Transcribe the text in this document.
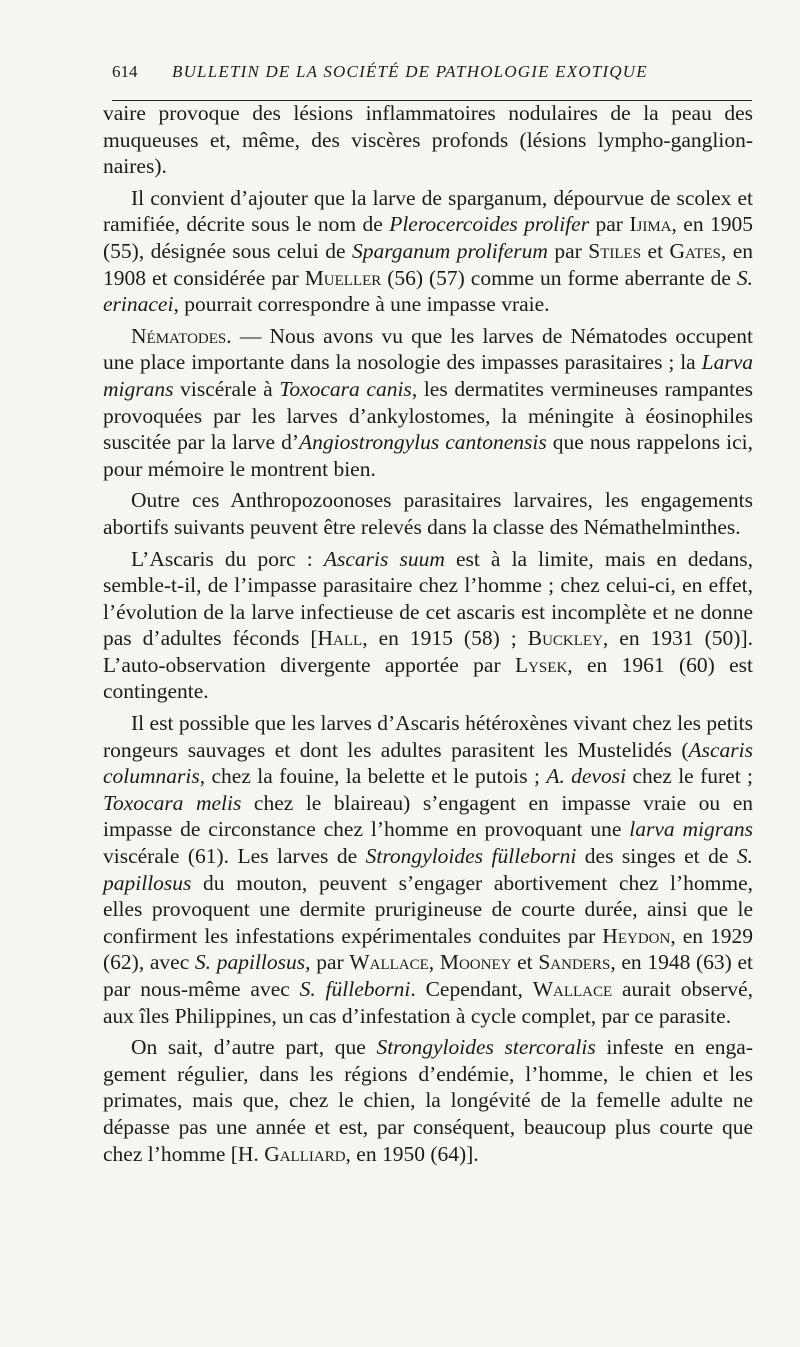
614	BULLETIN DE LA SOCIÉTÉ DE PATHOLOGIE EXOTIQUE

vaire provoque des lésions inflammatoires nodulaires de la peau des muqueuses et, même, des viscères profonds (lésions lympho-ganglionnaires).

Il convient d’ajouter que la larve de sparganum, dépourvue de scolex et ramifiée, décrite sous le nom de Plerocercoides prolifer par Ijima, en 1905 (55), désignée sous celui de Sparganum proliferum par Stiles et Gates, en 1908 et considérée par Mueller (56) (57) comme un forme aberrante de S. erinacei, pourrait correspondre à une impasse vraie.

Nématodes. — Nous avons vu que les larves de Nématodes occupent une place importante dans la nosologie des impasses parasitaires ; la Larva migrans viscérale à Toxocara canis, les dermatites vermineuses rampantes provoquées par les larves d’ankylostomes, la méningite à éosinophiles suscitée par la larve d’Angiostrongylus cantonensis que nous rappelons ici, pour mémoire le montrent bien.

Outre ces Anthropozoonoses parasitaires larvaires, les engagements abortifs suivants peuvent être relevés dans la classe des Némathelminthes.

L’Ascaris du porc : Ascaris suum est à la limite, mais en dedans, semble-t-il, de l’impasse parasitaire chez l’homme ; chez celui-ci, en effet, l’évolution de la larve infectieuse de cet ascaris est incomplète et ne donne pas d’adultes féconds [Hall, en 1915 (58) ; Buckley, en 1931 (50)]. L’auto-observation divergente apportée par Lysek, en 1961 (60) est contingente.

Il est possible que les larves d’Ascaris hétéroxènes vivant chez les petits rongeurs sauvages et dont les adultes parasitent les Mustelidés (Ascaris columnaris, chez la fouine, la belette et le putois ; A. devosi chez le furet ; Toxocara melis chez le blaireau) s’engagent en impasse vraie ou en impasse de circonstance chez l’homme en provoquant une larva migrans viscérale (61). Les larves de Strongyloides fülleborni des singes et de S. papillosus du mouton, peuvent s’engager abortivement chez l’homme, elles provoquent une dermite prurigineuse de courte durée, ainsi que le confirment les infestations expérimentales conduites par Heydon, en 1929 (62), avec S. papillosus, par Wallace, Mooney et Sanders, en 1948 (63) et par nous-même avec S. fülleborni. Cependant, Wallace aurait observé, aux îles Philippines, un cas d’infestation à cycle complet, par ce parasite.

On sait, d’autre part, que Strongyloides stercoralis infeste en engagement régulier, dans les régions d’endémie, l’homme, le chien et les primates, mais que, chez le chien, la longévité de la femelle adulte ne dépasse pas une année et est, par conséquent, beaucoup plus courte que chez l’homme [H. Galliard, en 1950 (64)].
